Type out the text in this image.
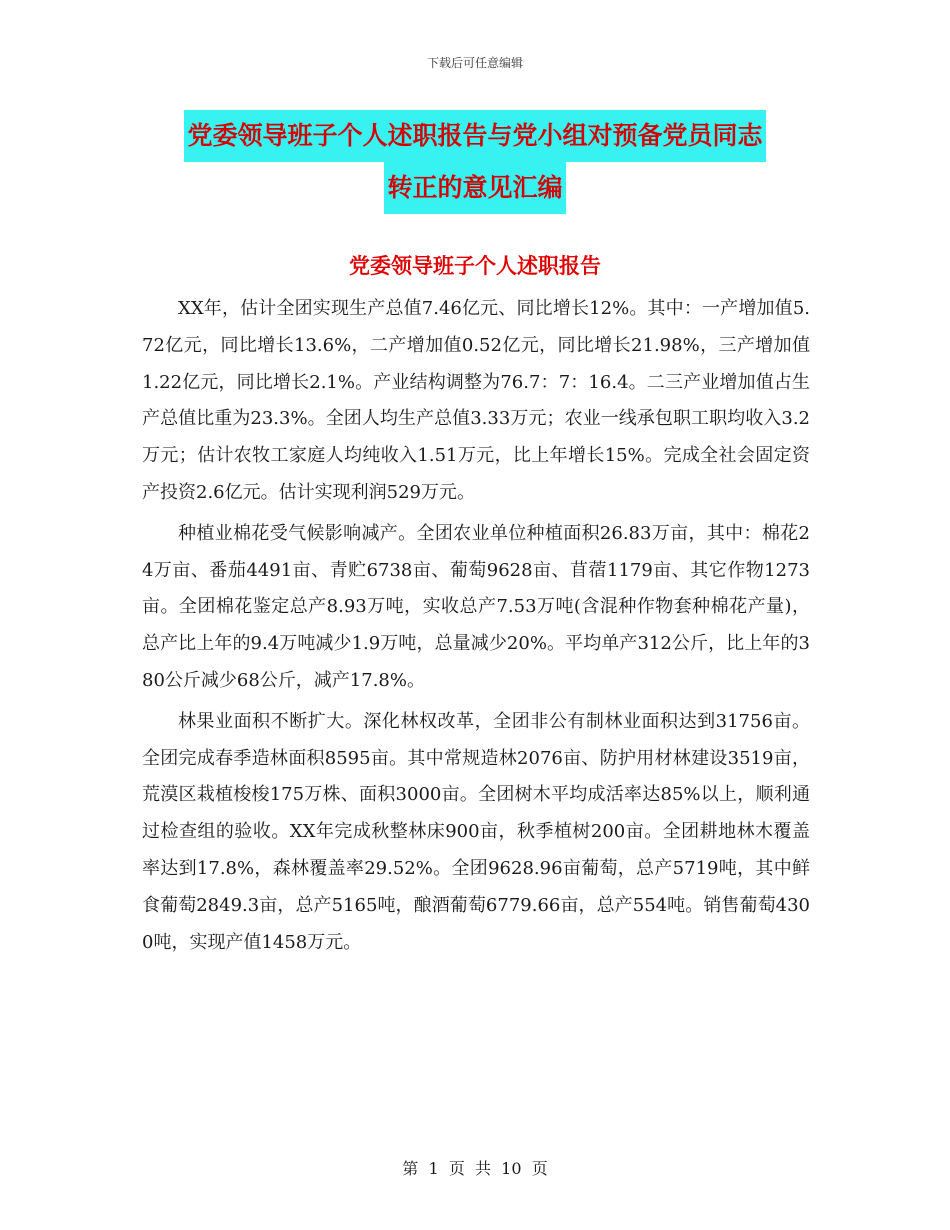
下载后可任意编辑
党委领导班子个人述职报告与党小组对预备党员同志
转正的意见汇编
党委领导班子个人述职报告

XX年，估计全团实现生产总值7.46亿元、同比增长12%。其中：一产增加值5.72亿元，同比增长13.6%，二产增加值0.52亿元，同比增长21.98%，三产增加值1.22亿元，同比增长2.1%。产业结构调整为76.7：7：16.4。二三产业增加值占生产总值比重为23.3%。全团人均生产总值3.33万元；农业一线承包职工职均收入3.2万元；估计农牧工家庭人均纯收入1.51万元，比上年增长15%。完成全社会固定资产投资2.6亿元。估计实现利润529万元。

种植业棉花受气候影响减产。全团农业单位种植面积26.83万亩，其中：棉花24万亩、番茄4491亩、青贮6738亩、葡萄9628亩、苜蓿1179亩、其它作物1273亩。全团棉花鉴定总产8.93万吨，实收总产7.53万吨(含混种作物套种棉花产量)，总产比上年的9.4万吨减少1.9万吨，总量减少20%。平均单产312公斤，比上年的380公斤减少68公斤，减产17.8%。

林果业面积不断扩大。深化林权改革，全团非公有制林业面积达到31756亩。全团完成春季造林面积8595亩。其中常规造林2076亩、防护用材林建设3519亩，荒漠区栽植梭梭175万株、面积3000亩。全团树木平均成活率达85%以上，顺利通过检查组的验收。XX年完成秋整林床900亩，秋季植树200亩。全团耕地林木覆盖率达到17.8%，森林覆盖率29.52%。全团9628.96亩葡萄，总产5719吨，其中鲜食葡萄2849.3亩，总产5165吨，酿酒葡萄6779.66亩，总产554吨。销售葡萄4300吨，实现产值1458万元。

第  1  页  共  10  页
